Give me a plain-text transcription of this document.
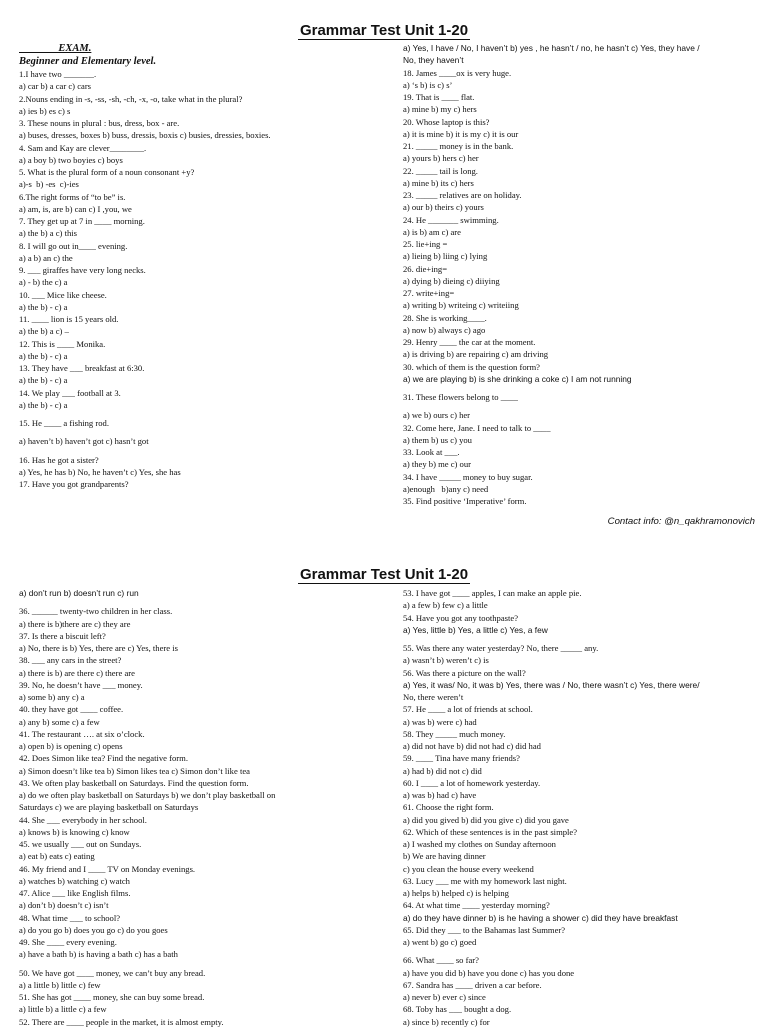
Grammar Test Unit 1-20
EXAM.
Beginner and Elementary level.
1.I have two _______.
a) car b) a car c) cars
2.Nouns ending in -s, -ss, -sh, -ch, -x, -o, take what in the plural?
a) ies b) es c) s
3. These nouns in plural : bus, dress, box - are.
a) buses, dresses, boxes b) buss, dressis, boxis c) busies, dressies, boxies.
4. Sam and Kay are clever________.
a) a boy b) two boyies c) boys
5. What is the plural form of a noun consonant +y?
a)-s  b) -es  c)-ies
6.The right forms of “to be” is.
a) am, is, are b) can c) I ,you, we
7. They get up at 7 in ____ morning.
a) the b) a c) this
8. I will go out in____ evening.
a) a b) an c) the
9. ___ giraffes have very long necks.
a) - b) the c) a
10. ___ Mice like cheese.
a) the b) - c) a
11. ____ lion is 15 years old.
a) the b) a c) –
12. This is ____ Monika.
a) the b) - c) a
13. They have ___ breakfast at 6:30.
a) the b) - c) a
14. We play ___ football at 3.
a) the b) - c) a
15. He ____ a fishing rod.
a) haven’t b) haven’t got c) hasn’t got
16. Has he got a sister?
a) Yes, he has b) No, he haven’t c) Yes, she has
17. Have you got grandparents?
a) Yes, I have / No, I haven’t b) yes , he hasn’t / no, he hasn’t c) Yes, they have /
No, they haven’t
18. James ____ox is very huge.
a) ‘s b) is c) s’
19. That is ____ flat.
a) mine b) my c) hers
20. Whose laptop is this?
a) it is mine b) it is my c) it is our
21. _____ money is in the bank.
a) yours b) hers c) her
22. _____ tail is long.
a) mine b) its c) hers
23. _____ relatives are on holiday.
a) our b) theirs c) yours
24. He _______ swimming.
a) is b) am c) are
25. lie+ing =
a) lieing b) liing c) lying
26. die+ing=
a) dying b) dieing c) diiying
27. write+ing=
a) writing b) writeing c) writeiing
28. She is working____.
a) now b) always c) ago
29. Henry ____ the car at the moment.
a) is driving b) are repairing c) am driving
30. which of them is the question form?
a) we are playing b) is she drinking a coke c) I am not running
31. These flowers belong to ____
a) we b) ours c) her
32. Come here, Jane. I need to talk to ____
a) them b) us c) you
33. Look at ___.
a) they b) me c) our
34. I have _____ money to buy sugar.
a)enough   b)any c) need
35. Find positive ‘Imperative’ form.
Contact info: @n_qakhramonovich
Grammar Test Unit 1-20
a) don’t run b) doesn’t run c) run
36. ______ twenty-two children in her class.
a) there is b)there are c) they are
37. Is there a biscuit left?
a) No, there is b) Yes, there are c) Yes, there is
38. ___ any cars in the street?
a) there is b) are there c) there are
39. No, he doesn’t have ___ money.
a) some b) any c) a
40. they have got ____ coffee.
a) any b) some c) a few
41. The restaurant …. at six o’clock.
a) open b) is opening c) opens
42. Does Simon like tea? Find the negative form.
a) Simon doesn’t like tea b) Simon likes tea c) Simon don’t like tea
43. We often play basketball on Saturdays. Find the question form.
a) do we often play basketball on Saturdays b) we don’t play basketball on
Saturdays c) we are playing basketball on Saturdays
44. She ___ everybody in her school.
a) knows b) is knowing c) know
45. we usually ___ out on Sundays.
a) eat b) eats c) eating
46. My friend and I ____ TV on Monday evenings.
a) watches b) watching c) watch
47. Alice ___ like English films.
a) don’t b) doesn’t c) isn’t
48. What time ___ to school?
a) do you go b) does you go c) do you goes
49. She ____ every evening.
a) have a bath b) is having a bath c) has a bath
50. We have got ____ money, we can’t buy any bread.
a) a little b) little c) few
51. She has got ____ money, she can buy some bread.
a) little b) a little c) a few
52. There are ____ people in the market, it is almost empty.
53. I have got ____ apples, I can make an apple pie.
a) a few b) few c) a little
54. Have you got any toothpaste?
a) Yes, little b) Yes, a little c) Yes, a few
55. Was there any water yesterday? No, there _____ any.
a) wasn’t b) weren’t c) is
56. Was there a picture on the wall?
a) Yes, it was/ No, it was b) Yes, there was / No, there wasn’t c) Yes, there were/
No, there weren’t
57. He ____ a lot of friends at school.
a) was b) were c) had
58. They _____ much money.
a) did not have b) did not had c) did had
59. ____ Tina have many friends?
a) had b) did not c) did
60. I ____ a lot of homework yesterday.
a) was b) had c) have
61. Choose the right form.
a) did you gived b) did you give c) did you gave
62. Which of these sentences is in the past simple?
a) I washed my clothes on Sunday afternoon
b) We are having dinner
c) you clean the house every weekend
63. Lucy ___ me with my homework last night.
a) helps b) helped c) is helping
64. At what time ____ yesterday morning?
a) do they have dinner b) is he having a shower c) did they have breakfast
65. Did they ___ to the Bahamas last Summer?
a) went b) go c) goed
66. What ____ so far?
a) have you did b) have you done c) has you done
67. Sandra has ____ driven a car before.
a) never b) ever c) since
68. Toby has ___ bought a dog.
a) since b) recently c) for
